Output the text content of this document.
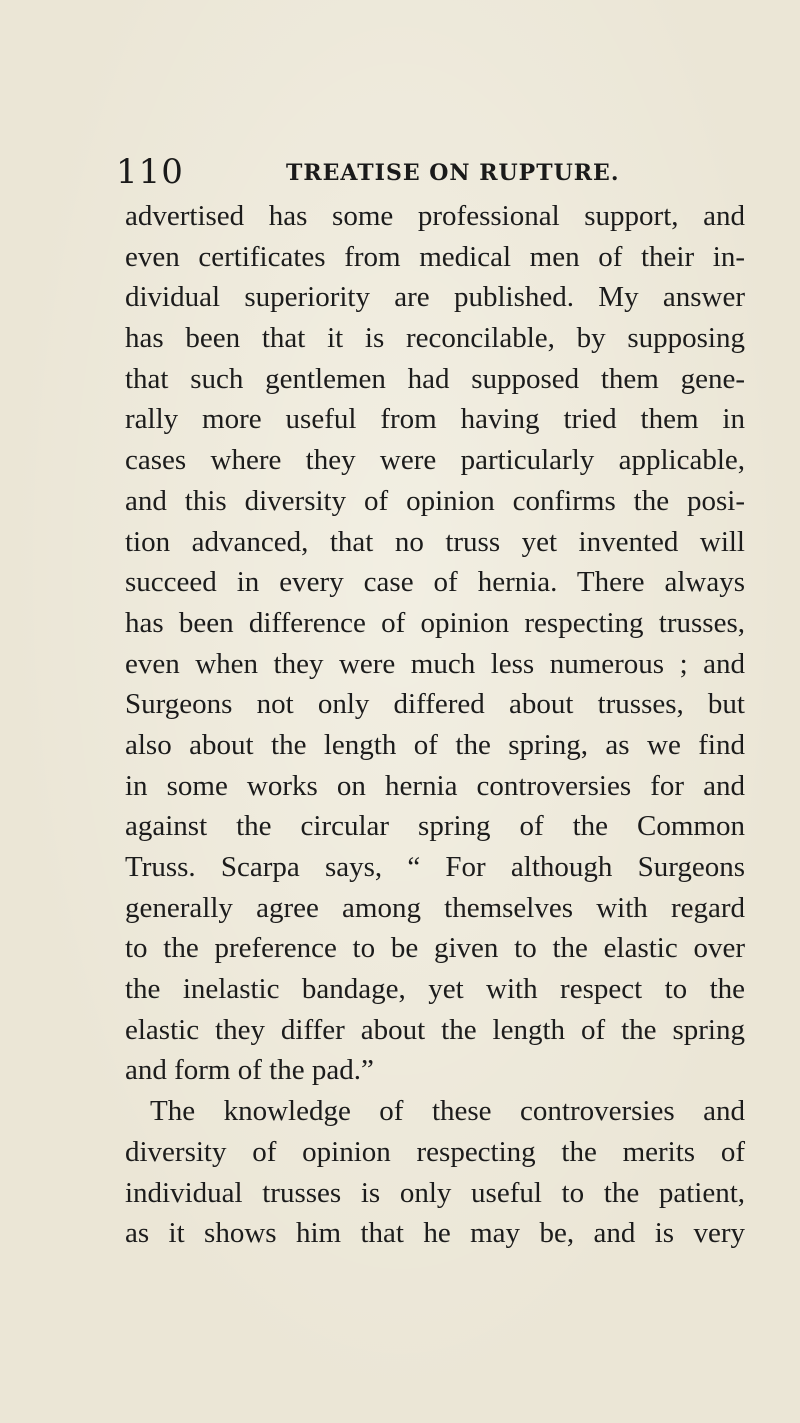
110	TREATISE ON RUPTURE.
advertised has some professional support, and
even certificates from medical men of their in-
dividual superiority are published. My answer
has been that it is reconcilable, by supposing
that such gentlemen had supposed them gene-
rally more useful from having tried them in
cases where they were particularly applicable,
and this diversity of opinion confirms the posi-
tion advanced, that no truss yet invented will
succeed in every case of hernia. There always
has been difference of opinion respecting trusses,
even when they were much less numerous ; and
Surgeons not only differed about trusses, but
also about the length of the spring, as we find
in some works on hernia controversies for and
against the circular spring of the Common
Truss. Scarpa says, “ For although Surgeons
generally agree among themselves with regard
to the preference to be given to the elastic over
the inelastic bandage, yet with respect to the
elastic they differ about the length of the spring
and form of the pad.”
The knowledge of these controversies and
diversity of opinion respecting the merits of
individual trusses is only useful to the patient,
as it shows him that he may be, and is very
